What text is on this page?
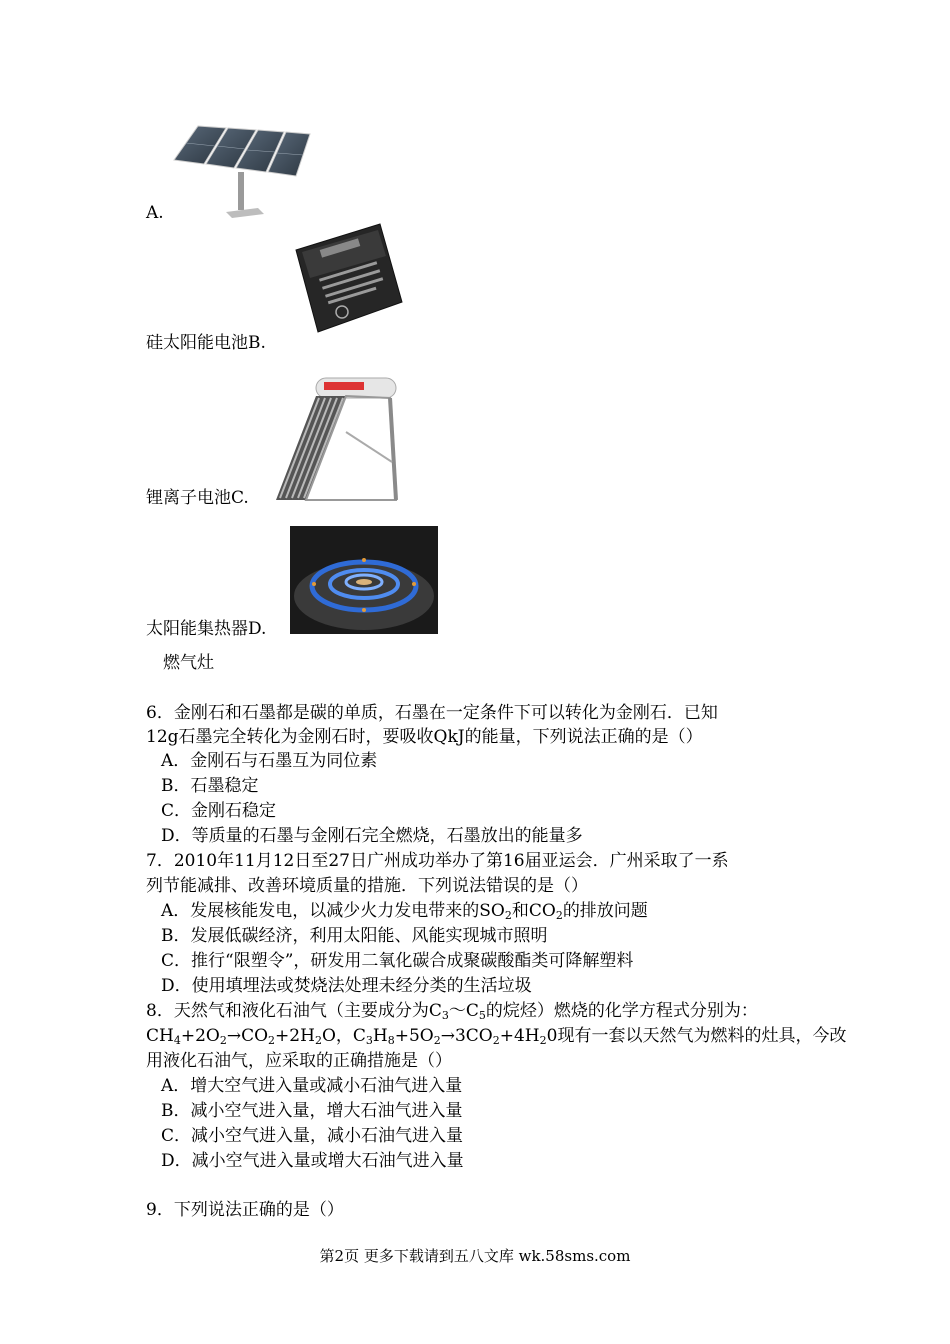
A.
硅太阳能电池B.
锂离子电池C.
太阳能集热器D.
燃气灶
6．金刚石和石墨都是碳的单质，石墨在一定条件下可以转化为金刚石．已知
12g石墨完全转化为金刚石时，要吸收QkJ的能量，下列说法正确的是（）
A．金刚石与石墨互为同位素
B．石墨稳定
C．金刚石稳定
D．等质量的石墨与金刚石完全燃烧，石墨放出的能量多
7．2010年11月12日至27日广州成功举办了第16届亚运会．广州采取了一系
列节能减排、改善环境质量的措施．下列说法错误的是（）
A．发展核能发电，以减少火力发电带来的$SO_2$和$CO_2$的排放问题
B．发展低碳经济，利用太阳能、风能实现城市照明
C．推行“限塑令”，研发用二氧化碳合成聚碳酸酯类可降解塑料
D．使用填埋法或焚烧法处理未经分类的生活垃圾
8．天然气和液化石油气（主要成分为$C_3\sim C_5$的烷烃）燃烧的化学方程式分别为：
$CH_4+2O_2\to CO_2+2H_2O$，$C_3H_8+5O_2\to 3CO_2+4H_20$现有一套以天然气为燃料的灶具，今改
用液化石油气，应采取的正确措施是（）
A．增大空气进入量或减小石油气进入量
B．减小空气进入量，增大石油气进入量
C．减小空气进入量，减小石油气进入量
D．减小空气进入量或增大石油气进入量
9．下列说法正确的是（）
第2页 更多下载请到五八文库 wk.58sms.com
